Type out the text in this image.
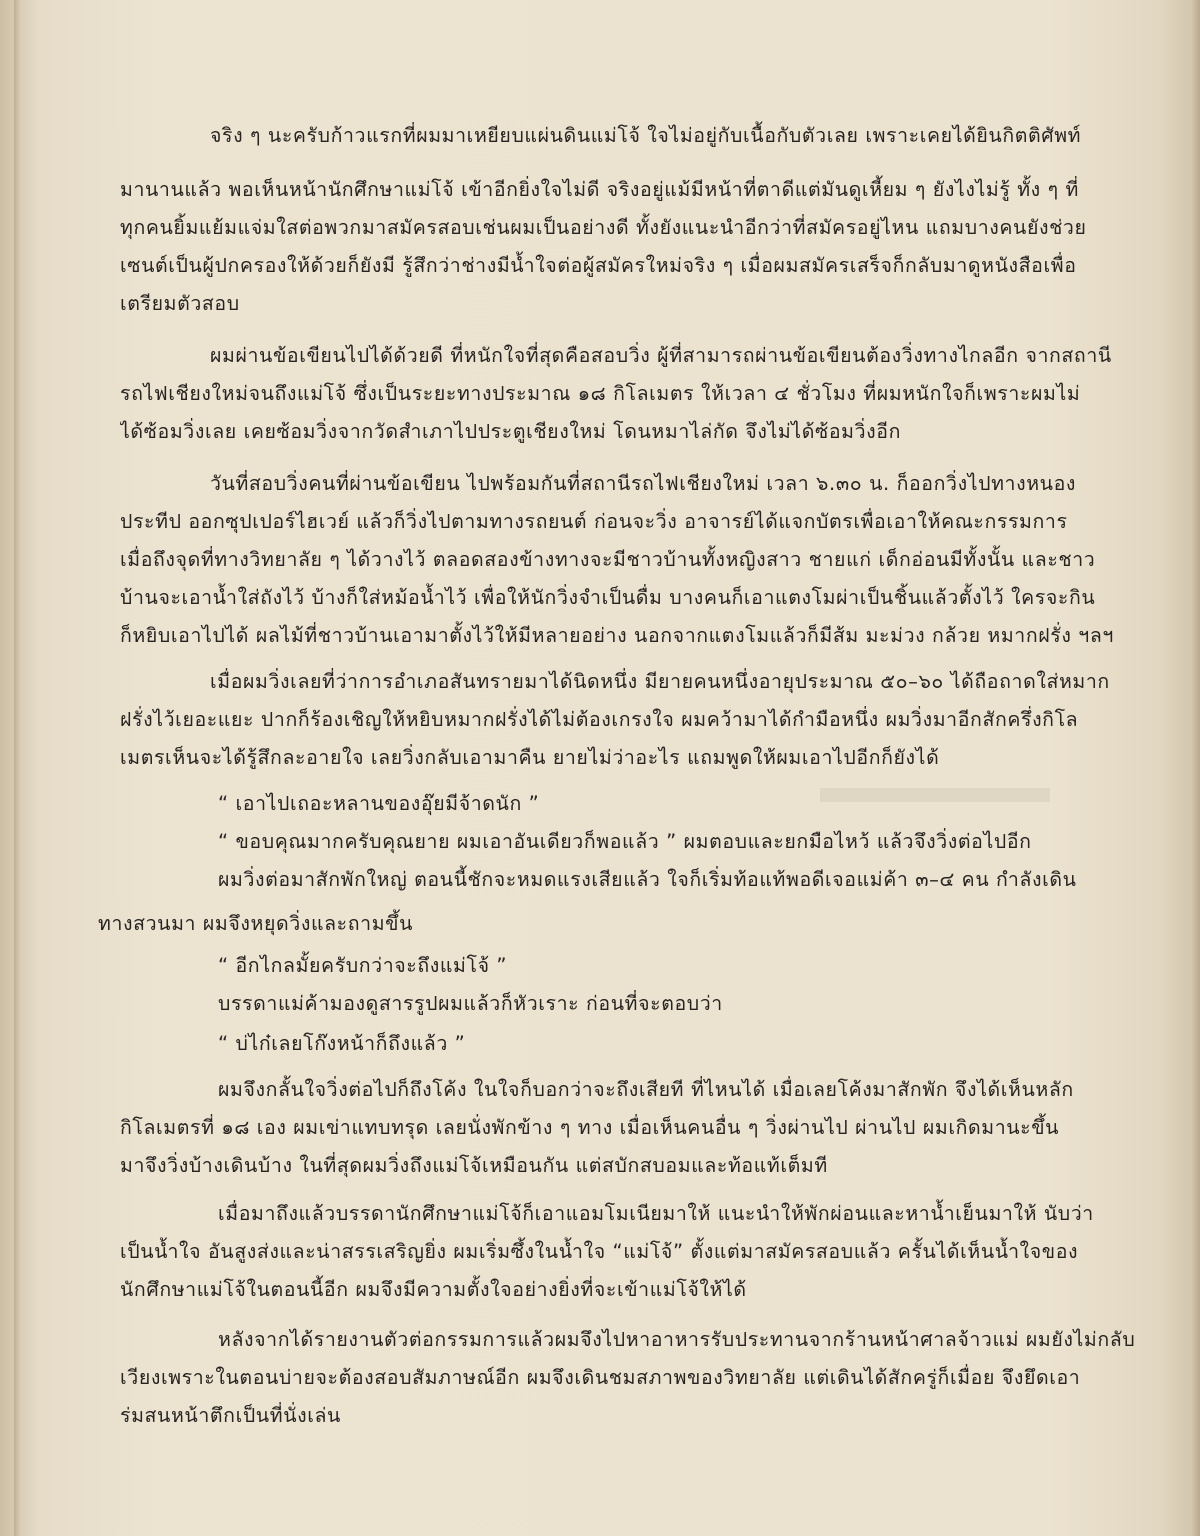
จริง ๆ นะครับก้าวแรกที่ผมมาเหยียบแผ่นดินแม่โจ้ ใจไม่อยู่กับเนื้อกับตัวเลย เพราะเคยได้ยินกิตติศัพท์
มานานแล้ว พอเห็นหน้านักศึกษาแม่โจ้ เข้าอีกยิ่งใจไม่ดี จริงอยู่แม้มีหน้าที่ตาดีแต่มันดูเหี้ยม ๆ ยังไงไม่รู้ ทั้ง ๆ ที่
ทุกคนยิ้มแย้มแจ่มใสต่อพวกมาสมัครสอบเช่นผมเป็นอย่างดี ทั้งยังแนะนำอีกว่าที่สมัครอยู่ไหน แถมบางคนยังช่วย
เซนต์เป็นผู้ปกครองให้ด้วยก็ยังมี รู้สึกว่าช่างมีน้ำใจต่อผู้สมัครใหม่จริง ๆ เมื่อผมสมัครเสร็จก็กลับมาดูหนังสือเพื่อ
เตรียมตัวสอบ
ผมผ่านข้อเขียนไปได้ด้วยดี ที่หนักใจที่สุดคือสอบวิ่ง ผู้ที่สามารถผ่านข้อเขียนต้องวิ่งทางไกลอีก จากสถานี
รถไฟเชียงใหม่จนถึงแม่โจ้ ซึ่งเป็นระยะทางประมาณ ๑๘ กิโลเมตร ให้เวลา ๔ ชั่วโมง ที่ผมหนักใจก็เพราะผมไม่
ได้ซ้อมวิ่งเลย เคยซ้อมวิ่งจากวัดสำเภาไปประตูเชียงใหม่ โดนหมาไล่กัด จึงไม่ได้ซ้อมวิ่งอีก
วันที่สอบวิ่งคนที่ผ่านข้อเขียน ไปพร้อมกันที่สถานีรถไฟเชียงใหม่ เวลา ๖.๓๐ น. ก็ออกวิ่งไปทางหนอง
ประทีป ออกซุปเปอร์ไฮเวย์ แล้วก็วิ่งไปตามทางรถยนต์ ก่อนจะวิ่ง อาจารย์ได้แจกบัตรเพื่อเอาให้คณะกรรมการ
เมื่อถึงจุดที่ทางวิทยาลัย ๆ ได้วางไว้ ตลอดสองข้างทางจะมีชาวบ้านทั้งหญิงสาว ชายแก่ เด็กอ่อนมีทั้งนั้น และชาว
บ้านจะเอาน้ำใส่ถังไว้ บ้างก็ใส่หม้อน้ำไว้ เพื่อให้นักวิ่งจำเป็นดื่ม บางคนก็เอาแตงโมผ่าเป็นชิ้นแล้วตั้งไว้ ใครจะกิน
ก็หยิบเอาไปได้ ผลไม้ที่ชาวบ้านเอามาตั้งไว้ให้มีหลายอย่าง นอกจากแตงโมแล้วก็มีส้ม มะม่วง กล้วย หมากฝรั่ง ฯลฯ
เมื่อผมวิ่งเลยที่ว่าการอำเภอสันทรายมาได้นิดหนึ่ง มียายคนหนึ่งอายุประมาณ ๕๐–๖๐ ได้ถือถาดใส่หมาก
ฝรั่งไว้เยอะแยะ ปากก็ร้องเชิญให้หยิบหมากฝรั่งได้ไม่ต้องเกรงใจ ผมคว้ามาได้กำมือหนึ่ง ผมวิ่งมาอีกสักครึ่งกิโล
เมตรเห็นจะได้รู้สึกละอายใจ เลยวิ่งกลับเอามาคืน ยายไม่ว่าอะไร แถมพูดให้ผมเอาไปอีกก็ยังได้
“ เอาไปเถอะหลานของอุ๊ยมีจ้าดนัก ”
“ ขอบคุณมากครับคุณยาย ผมเอาอันเดียวก็พอแล้ว ” ผมตอบและยกมือไหว้ แล้วจึงวิ่งต่อไปอีก
ผมวิ่งต่อมาสักพักใหญ่ ตอนนี้ชักจะหมดแรงเสียแล้ว ใจก็เริ่มท้อแท้พอดีเจอแม่ค้า ๓–๔ คน กำลังเดิน
ทางสวนมา ผมจึงหยุดวิ่งและถามขึ้น
“ อีกไกลมั้ยครับกว่าจะถึงแม่โจ้ ”
บรรดาแม่ค้ามองดูสารรูปผมแล้วก็หัวเราะ ก่อนที่จะตอบว่า
“ บ่ไก๋เลยโก๊งหน้าก็ถึงแล้ว ”
ผมจึงกลั้นใจวิ่งต่อไปก็ถึงโค้ง ในใจก็บอกว่าจะถึงเสียที ที่ไหนได้ เมื่อเลยโค้งมาสักพัก จึงได้เห็นหลัก
กิโลเมตรที่ ๑๘ เอง ผมเข่าแทบทรุด เลยนั่งพักข้าง ๆ ทาง เมื่อเห็นคนอื่น ๆ วิ่งผ่านไป ผ่านไป ผมเกิดมานะขึ้น
มาจึงวิ่งบ้างเดินบ้าง ในที่สุดผมวิ่งถึงแม่โจ้เหมือนกัน แต่สบักสบอมและท้อแท้เต็มที
เมื่อมาถึงแล้วบรรดานักศึกษาแม่โจ้ก็เอาแอมโมเนียมาให้ แนะนำให้พักผ่อนและหาน้ำเย็นมาให้ นับว่า
เป็นน้ำใจ อันสูงส่งและน่าสรรเสริญยิ่ง ผมเริ่มซึ้งในน้ำใจ “แม่โจ้” ตั้งแต่มาสมัครสอบแล้ว ครั้นได้เห็นน้ำใจของ
นักศึกษาแม่โจ้ในตอนนี้อีก ผมจึงมีความตั้งใจอย่างยิ่งที่จะเข้าแม่โจ้ให้ได้
หลังจากได้รายงานตัวต่อกรรมการแล้วผมจึงไปหาอาหารรับประทานจากร้านหน้าศาลจ้าวแม่ ผมยังไม่กลับ
เวียงเพราะในตอนบ่ายจะต้องสอบสัมภาษณ์อีก ผมจึงเดินชมสภาพของวิทยาลัย แต่เดินได้สักครู่ก็เมื่อย จึงยึดเอา
ร่มสนหน้าตึกเป็นที่นั่งเล่น
